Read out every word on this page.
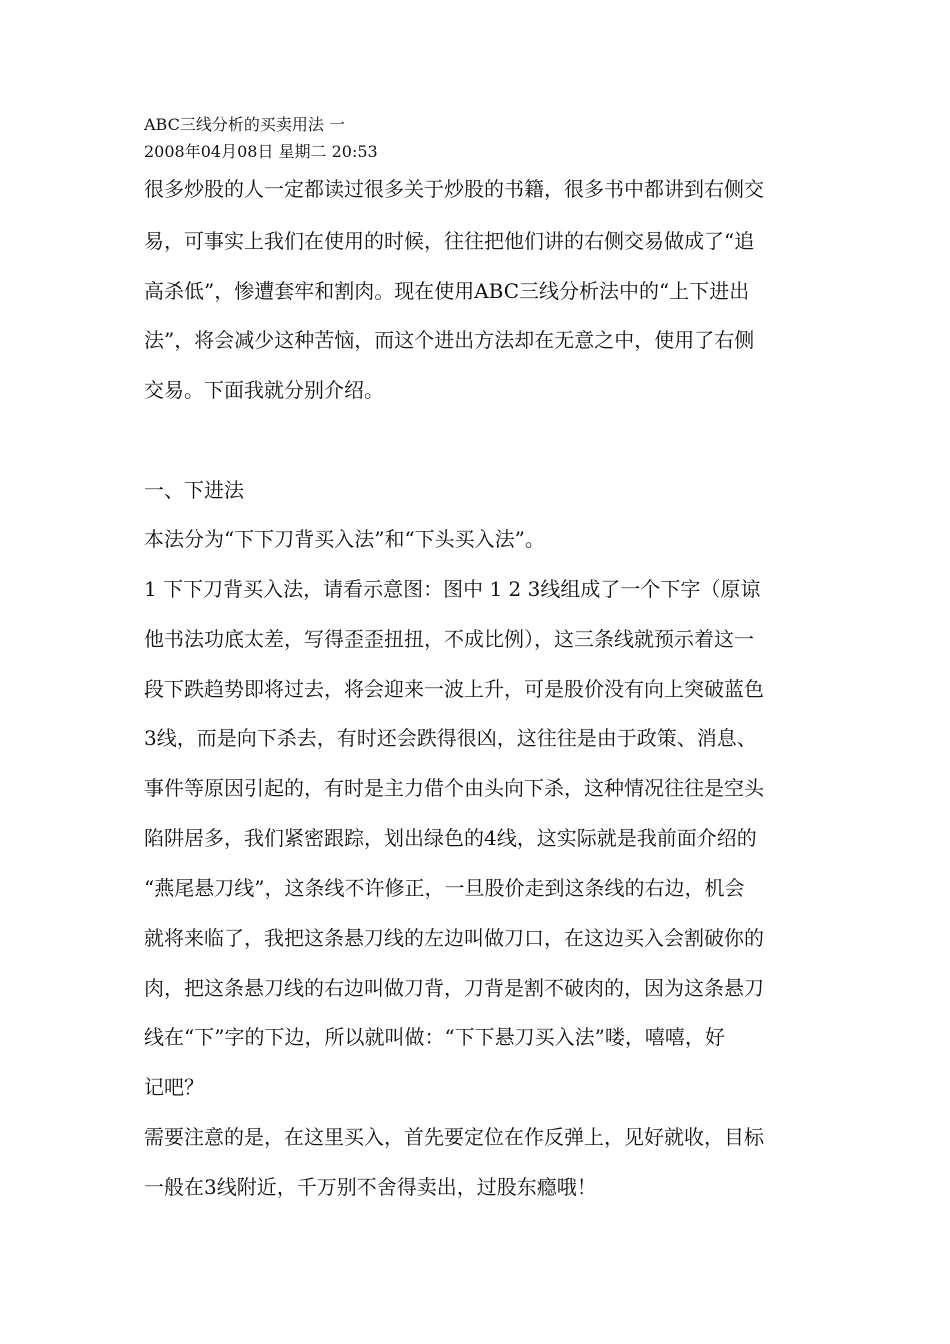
ABC三线分析的买卖用法 一
2008年04月08日 星期二 20:53
很多炒股的人一定都读过很多关于炒股的书籍，很多书中都讲到右侧交
易，可事实上我们在使用的时候，往往把他们讲的右侧交易做成了“追
高杀低”，惨遭套牢和割肉。现在使用ABC三线分析法中的“上下进出
法”，将会减少这种苦恼，而这个进出方法却在无意之中，使用了右侧
交易。下面我就分别介绍。
一、下进法
本法分为“下下刀背买入法”和“下头买入法”。
1 下下刀背买入法，请看示意图：图中 1 2 3线组成了一个下字（原谅
他书法功底太差，写得歪歪扭扭，不成比例），这三条线就预示着这一
段下跌趋势即将过去，将会迎来一波上升，可是股价没有向上突破蓝色
3线，而是向下杀去，有时还会跌得很凶，这往往是由于政策、消息、
事件等原因引起的，有时是主力借个由头向下杀，这种情况往往是空头
陷阱居多，我们紧密跟踪，划出绿色的4线，这实际就是我前面介绍的
“燕尾悬刀线”，这条线不许修正，一旦股价走到这条线的右边，机会
就将来临了，我把这条悬刀线的左边叫做刀口，在这边买入会割破你的
肉，把这条悬刀线的右边叫做刀背，刀背是割不破肉的，因为这条悬刀
线在“下”字的下边，所以就叫做：“下下悬刀买入法”喽，嘻嘻，好
记吧？
需要注意的是，在这里买入，首先要定位在作反弹上，见好就收，目标
一般在3线附近，千万别不舍得卖出，过股东瘾哦！
